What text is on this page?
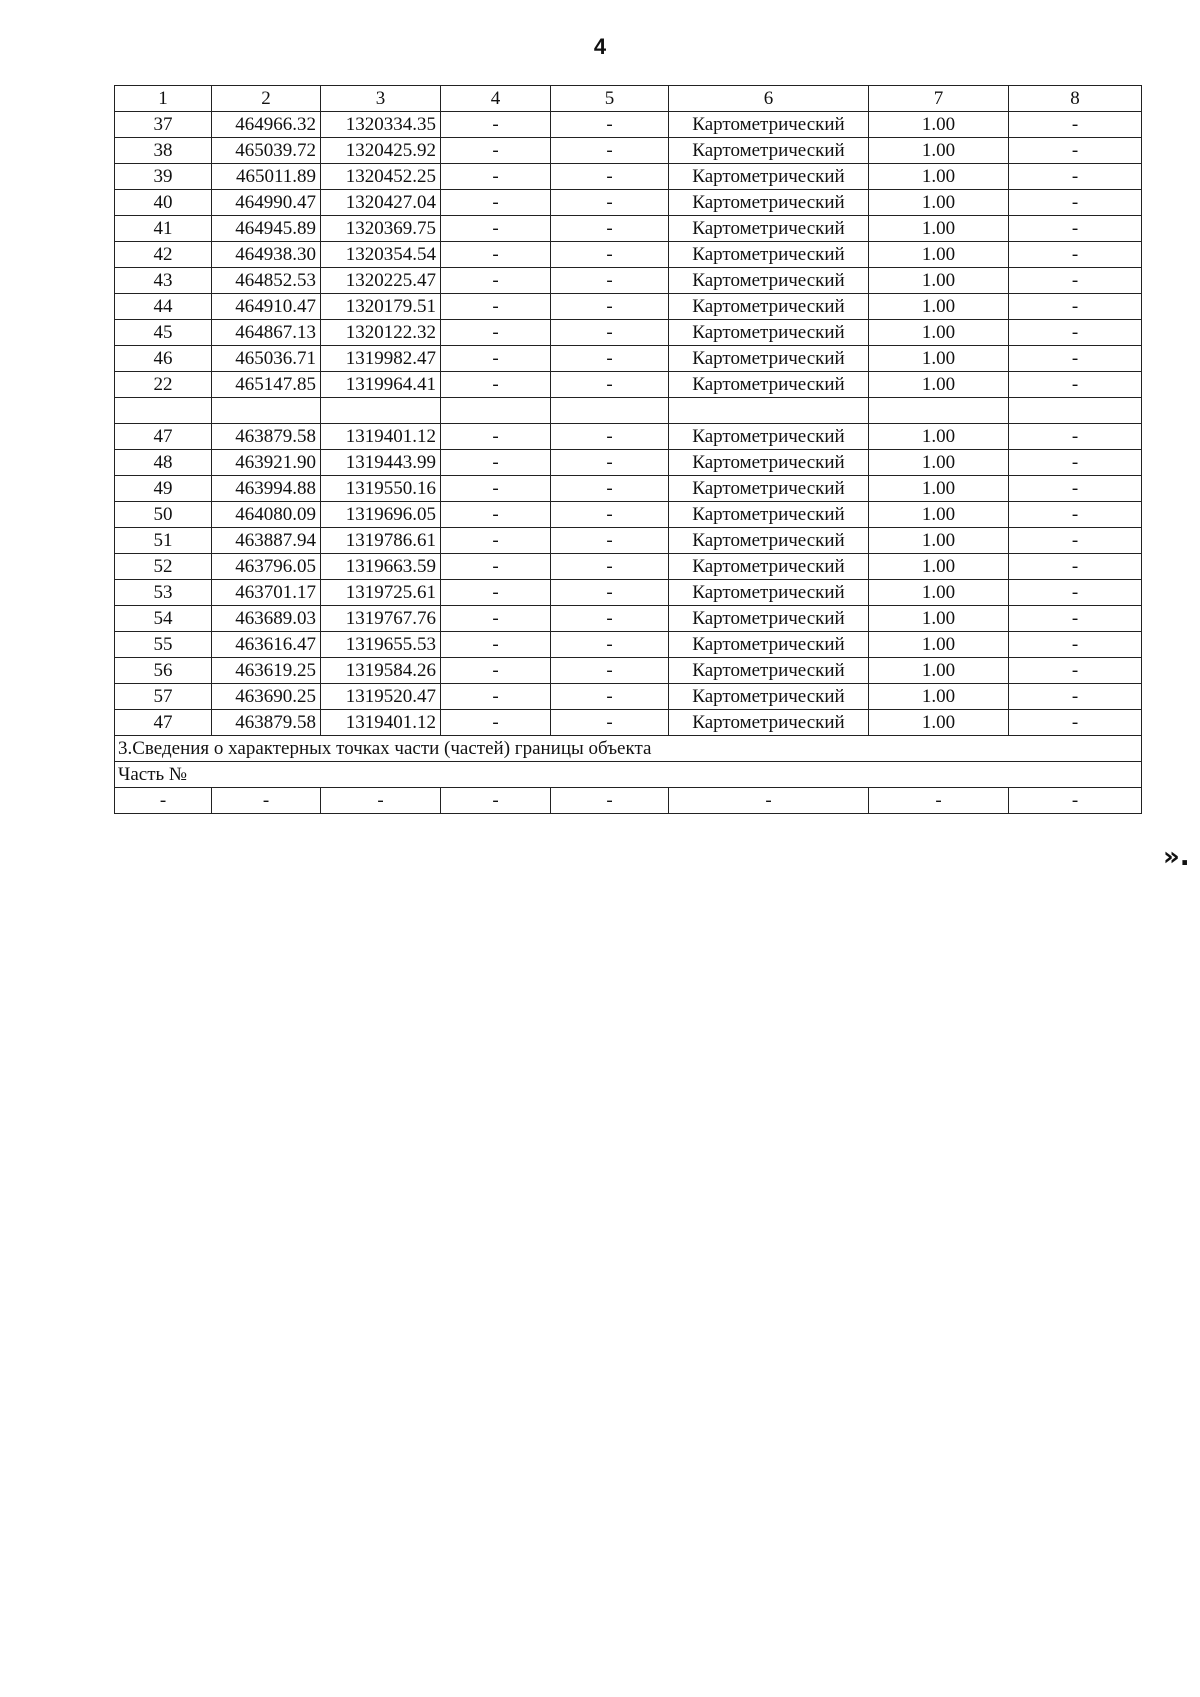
4
1	2	3	4	5	6	7	8
37	464966.32	1320334.35	-	-	Картометрический	1.00	-
38	465039.72	1320425.92	-	-	Картометрический	1.00	-
39	465011.89	1320452.25	-	-	Картометрический	1.00	-
40	464990.47	1320427.04	-	-	Картометрический	1.00	-
41	464945.89	1320369.75	-	-	Картометрический	1.00	-
42	464938.30	1320354.54	-	-	Картометрический	1.00	-
43	464852.53	1320225.47	-	-	Картометрический	1.00	-
44	464910.47	1320179.51	-	-	Картометрический	1.00	-
45	464867.13	1320122.32	-	-	Картометрический	1.00	-
46	465036.71	1319982.47	-	-	Картометрический	1.00	-
22	465147.85	1319964.41	-	-	Картометрический	1.00	-

47	463879.58	1319401.12	-	-	Картометрический	1.00	-
48	463921.90	1319443.99	-	-	Картометрический	1.00	-
49	463994.88	1319550.16	-	-	Картометрический	1.00	-
50	464080.09	1319696.05	-	-	Картометрический	1.00	-
51	463887.94	1319786.61	-	-	Картометрический	1.00	-
52	463796.05	1319663.59	-	-	Картометрический	1.00	-
53	463701.17	1319725.61	-	-	Картометрический	1.00	-
54	463689.03	1319767.76	-	-	Картометрический	1.00	-
55	463616.47	1319655.53	-	-	Картометрический	1.00	-
56	463619.25	1319584.26	-	-	Картометрический	1.00	-
57	463690.25	1319520.47	-	-	Картометрический	1.00	-
47	463879.58	1319401.12	-	-	Картометрический	1.00	-
3.Сведения о характерных точках части (частей) границы объекта							
Часть №							
-	-	-	-	-	-	-	-
».
